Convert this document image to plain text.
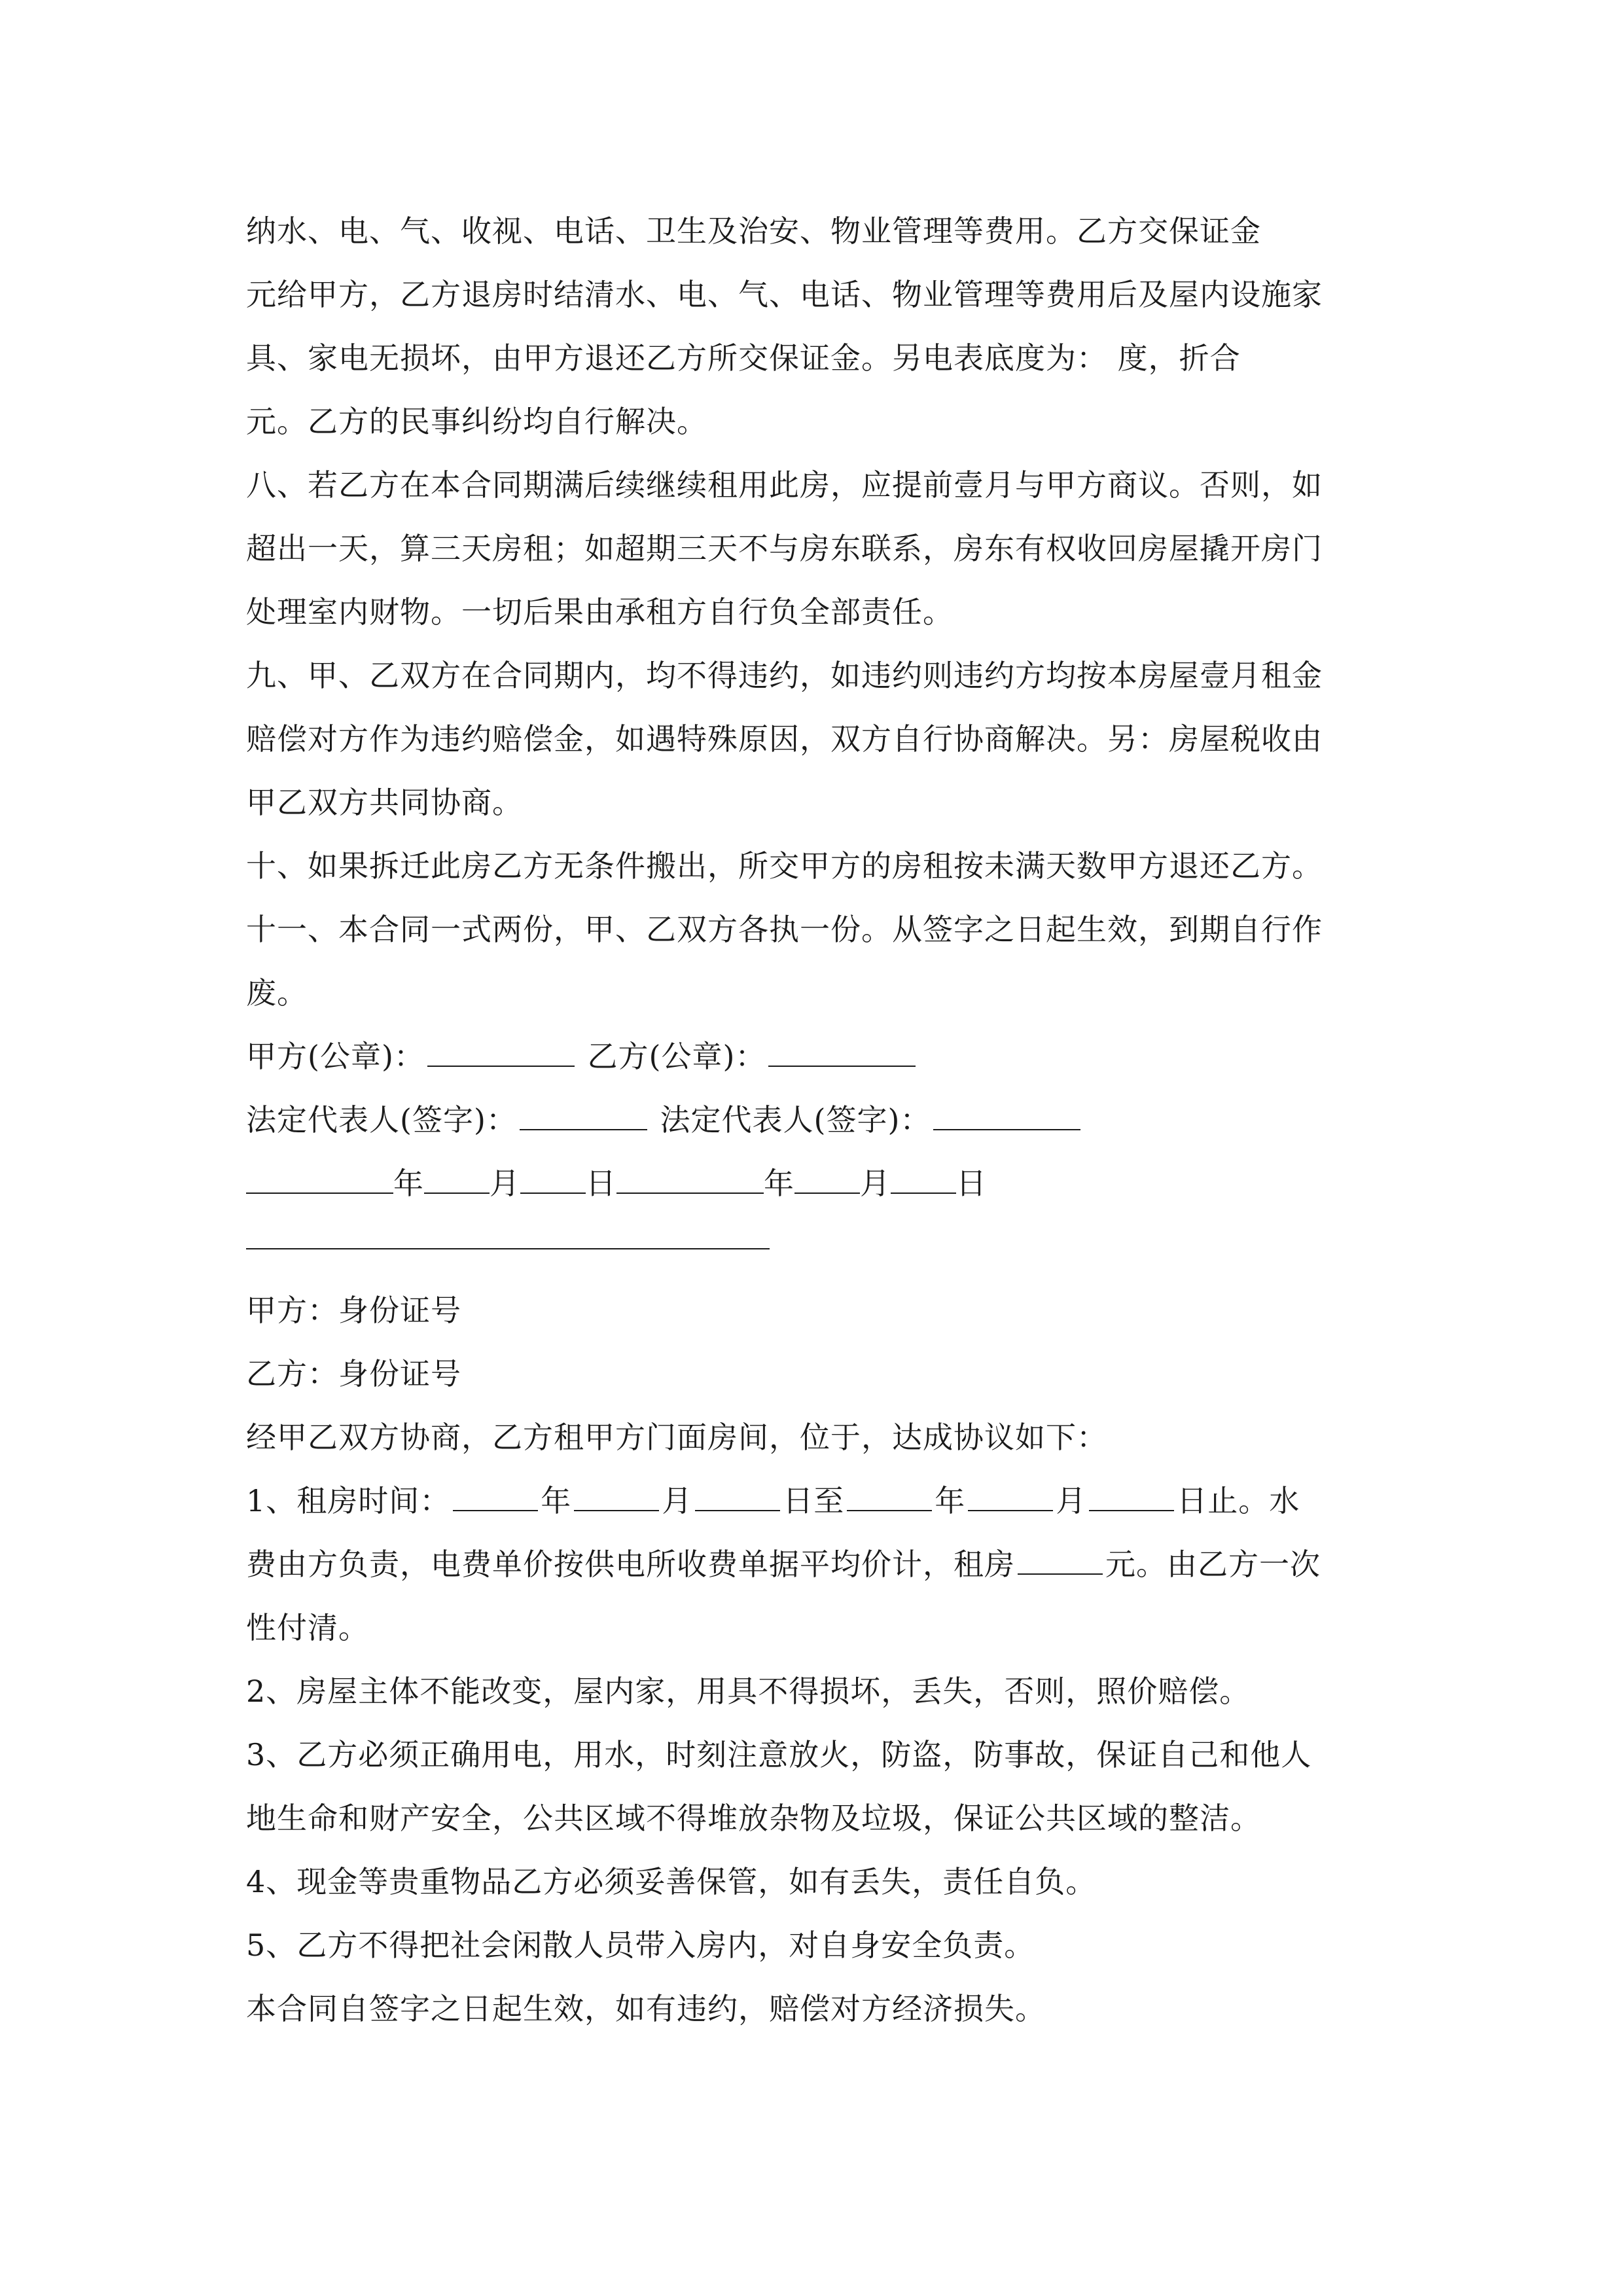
纳水、电、气、收视、电话、卫生及治安、物业管理等费用。乙方交保证金
元给甲方，乙方退房时结清水、电、气、电话、物业管理等费用后及屋内设施家
具、家电无损坏，由甲方退还乙方所交保证金。另电表底度为： 度，折合
元。乙方的民事纠纷均自行解决。
八、若乙方在本合同期满后续继续租用此房，应提前壹月与甲方商议。否则，如
超出一天，算三天房租；如超期三天不与房东联系，房东有权收回房屋撬开房门
处理室内财物。一切后果由承租方自行负全部责任。
九、甲、乙双方在合同期内，均不得违约，如违约则违约方均按本房屋壹月租金
赔偿对方作为违约赔偿金，如遇特殊原因，双方自行协商解决。另：房屋税收由
甲乙双方共同协商。
十、如果拆迁此房乙方无条件搬出，所交甲方的房租按未满天数甲方退还乙方。
十一、本合同一式两份，甲、乙双方各执一份。从签字之日起生效，到期自行作
废。
甲方(公章)：	乙方(公章)：
法定代表人(签字)：	法定代表人(签字)：
年 月 日	年 月 日
甲方：身份证号
乙方：身份证号
经甲乙双方协商，乙方租甲方门面房间，位于，达成协议如下：
1、租房时间：	年	月	日至	年	月	日止。水
费由方负责，电费单价按供电所收费单据平均价计，租房	元。由乙方一次
性付清。
2、房屋主体不能改变，屋内家，用具不得损坏，丢失，否则，照价赔偿。
3、乙方必须正确用电，用水，时刻注意放火，防盗，防事故，保证自己和他人
地生命和财产安全，公共区域不得堆放杂物及垃圾，保证公共区域的整洁。
4、现金等贵重物品乙方必须妥善保管，如有丢失，责任自负。
5、乙方不得把社会闲散人员带入房内，对自身安全负责。
本合同自签字之日起生效，如有违约，赔偿对方经济损失。
